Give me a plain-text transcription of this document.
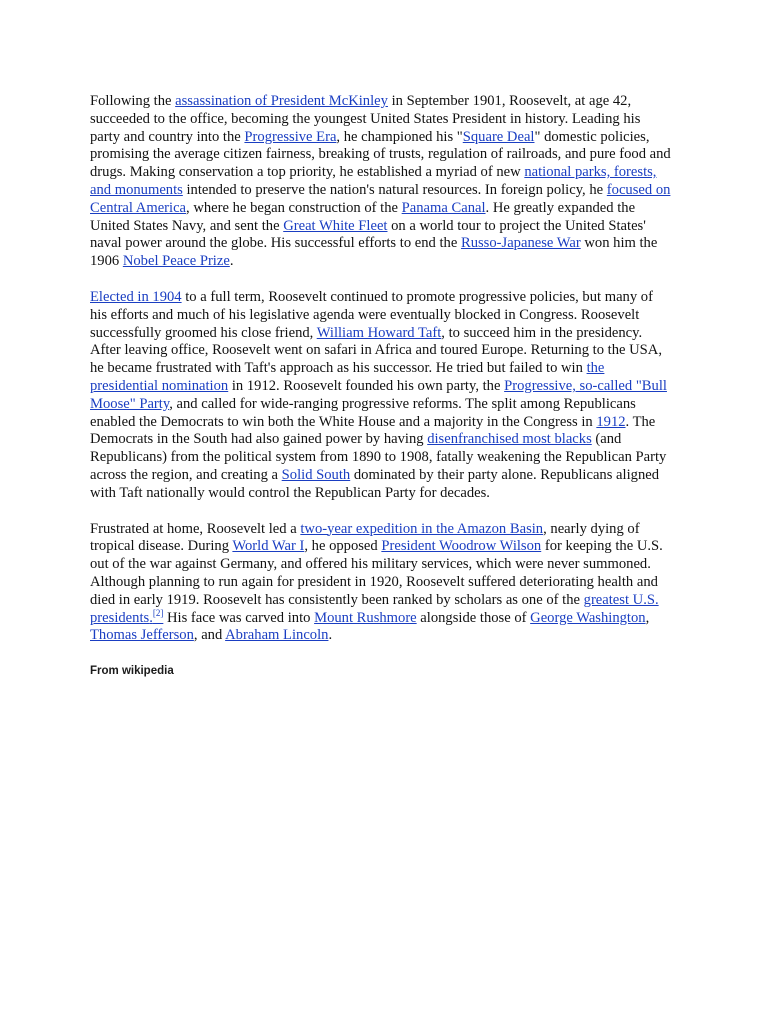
Following the assassination of President McKinley in September 1901, Roosevelt, at age 42, succeeded to the office, becoming the youngest United States President in history. Leading his party and country into the Progressive Era, he championed his "Square Deal" domestic policies, promising the average citizen fairness, breaking of trusts, regulation of railroads, and pure food and drugs. Making conservation a top priority, he established a myriad of new national parks, forests, and monuments intended to preserve the nation's natural resources. In foreign policy, he focused on Central America, where he began construction of the Panama Canal. He greatly expanded the United States Navy, and sent the Great White Fleet on a world tour to project the United States' naval power around the globe. His successful efforts to end the Russo-Japanese War won him the 1906 Nobel Peace Prize.

Elected in 1904 to a full term, Roosevelt continued to promote progressive policies, but many of his efforts and much of his legislative agenda were eventually blocked in Congress. Roosevelt successfully groomed his close friend, William Howard Taft, to succeed him in the presidency. After leaving office, Roosevelt went on safari in Africa and toured Europe. Returning to the USA, he became frustrated with Taft's approach as his successor. He tried but failed to win the presidential nomination in 1912. Roosevelt founded his own party, the Progressive, so-called "Bull Moose" Party, and called for wide-ranging progressive reforms. The split among Republicans enabled the Democrats to win both the White House and a majority in the Congress in 1912. The Democrats in the South had also gained power by having disenfranchised most blacks (and Republicans) from the political system from 1890 to 1908, fatally weakening the Republican Party across the region, and creating a Solid South dominated by their party alone. Republicans aligned with Taft nationally would control the Republican Party for decades.

Frustrated at home, Roosevelt led a two-year expedition in the Amazon Basin, nearly dying of tropical disease. During World War I, he opposed President Woodrow Wilson for keeping the U.S. out of the war against Germany, and offered his military services, which were never summoned. Although planning to run again for president in 1920, Roosevelt suffered deteriorating health and died in early 1919. Roosevelt has consistently been ranked by scholars as one of the greatest U.S. presidents.[2] His face was carved into Mount Rushmore alongside those of George Washington, Thomas Jefferson, and Abraham Lincoln.

From wikipedia
